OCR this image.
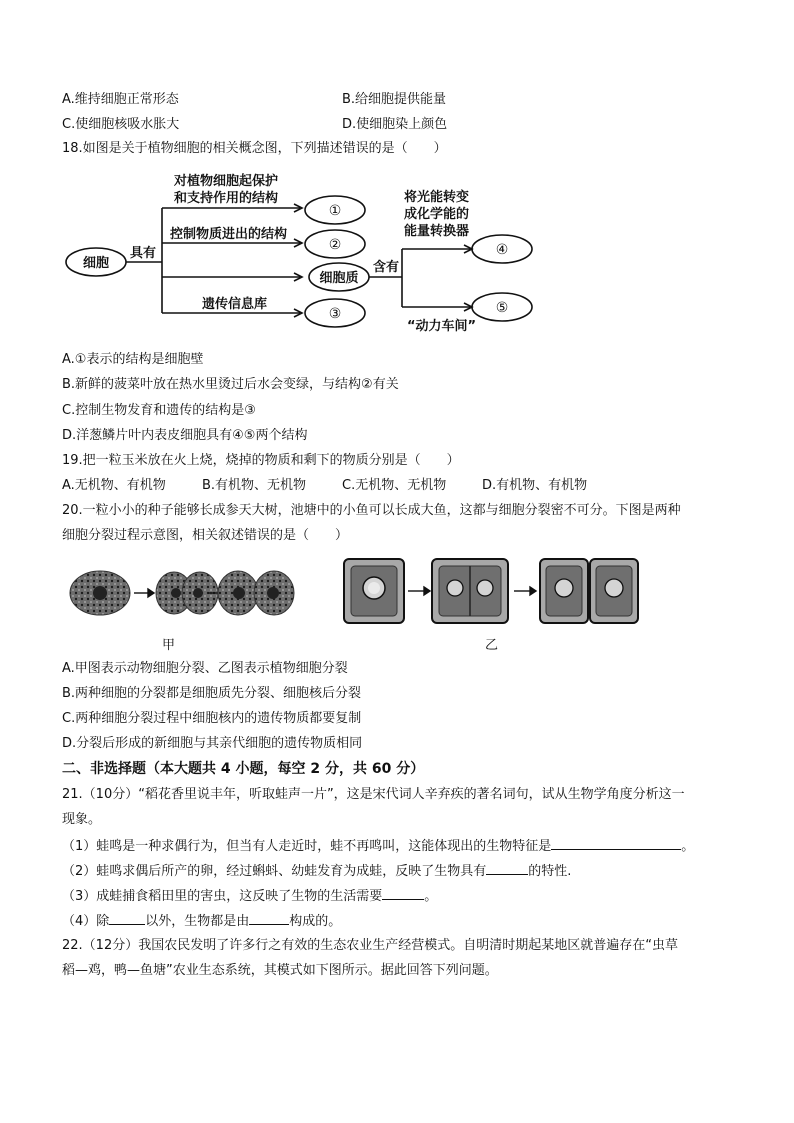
A.维持细胞正常形态	B.给细胞提供能量
C.使细胞核吸水胀大	D.使细胞染上颜色
18.如图是关于植物细胞的相关概念图，下列描述错误的是（　　）
细胞
具有
对植物细胞起保护
和支持作用的结构
控制物质进出的结构
遗传信息库
细胞质
含有
将光能转变
成化学能的
能量转换器
“动力车间”
①
②
③
④
⑤
A.①表示的结构是细胞壁
B.新鲜的菠菜叶放在热水里烫过后水会变绿，与结构②有关
C.控制生物发育和遗传的结构是③
D.洋葱鳞片叶内表皮细胞具有④⑤两个结构
19.把一粒玉米放在火上烧，烧掉的物质和剩下的物质分别是（　　）
A.无机物、有机物	B.有机物、无机物	C.无机物、无机物	D.有机物、有机物
20.一粒小小的种子能够长成参天大树，池塘中的小鱼可以长成大鱼，这都与细胞分裂密不可分。下图是两种
细胞分裂过程示意图，相关叙述错误的是（　　）
甲	乙
A.甲图表示动物细胞分裂、乙图表示植物细胞分裂
B.两种细胞的分裂都是细胞质先分裂、细胞核后分裂
C.两种细胞分裂过程中细胞核内的遗传物质都要复制
D.分裂后形成的新细胞与其亲代细胞的遗传物质相同
二、非选择题（本大题共 4 小题，每空 2 分，共 60 分）
21.（10分）“稻花香里说丰年，听取蛙声一片”，这是宋代词人辛弃疾的著名词句，试从生物学角度分析这一
现象。
（1）蛙鸣是一种求偶行为，但当有人走近时，蛙不再鸣叫，这能体现出的生物特征是	。
（2）蛙鸣求偶后所产的卵，经过蝌蚪、幼蛙发育为成蛙，反映了生物具有	的特性.
（3）成蛙捕食稻田里的害虫，这反映了生物的生活需要	。
（4）除	以外，生物都是由	构成的。
22.（12分）我国农民发明了许多行之有效的生态农业生产经营模式。自明清时期起某地区就普遍存在“虫草
稻—鸡，鸭—鱼塘”农业生态系统，其模式如下图所示。据此回答下列问题。
